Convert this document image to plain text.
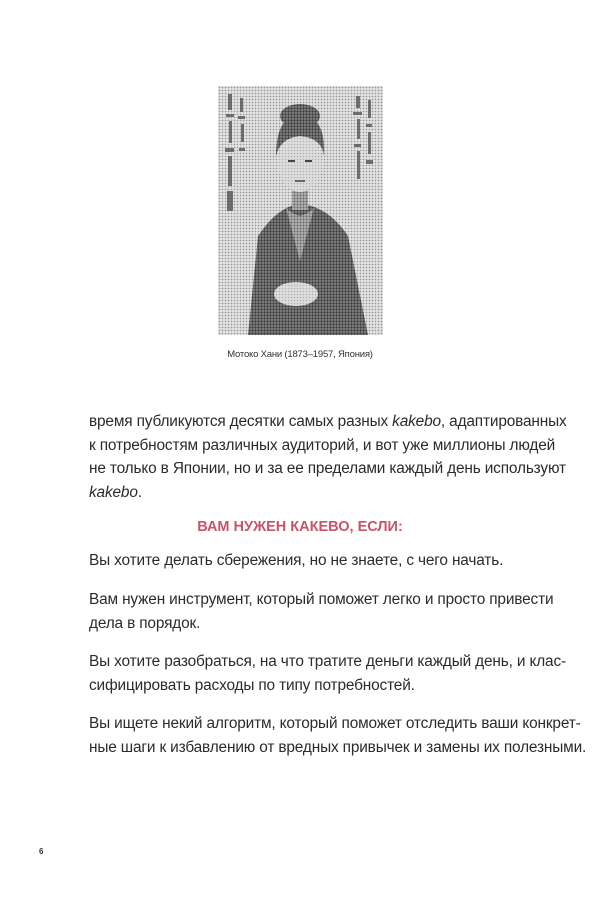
Мотоко Хани (1873–1957, Япония)

время публикуются десятки самых разных kakebo, адаптированных
к потребностям различных аудиторий, и вот уже миллионы людей
не только в Японии, но и за ее пределами каждый день используют
kakebo.

ВАМ НУЖЕН КАКЕВО, ЕСЛИ:

Вы хотите делать сбережения, но не знаете, с чего начать.

Вам нужен инструмент, который поможет легко и просто привести
дела в порядок.

Вы хотите разобраться, на что тратите деньги каждый день, и клас-
сифицировать расходы по типу потребностей.

Вы ищете некий алгоритм, который поможет отследить ваши конкрет-
ные шаги к избавлению от вредных привычек и замены их полезными.

6
